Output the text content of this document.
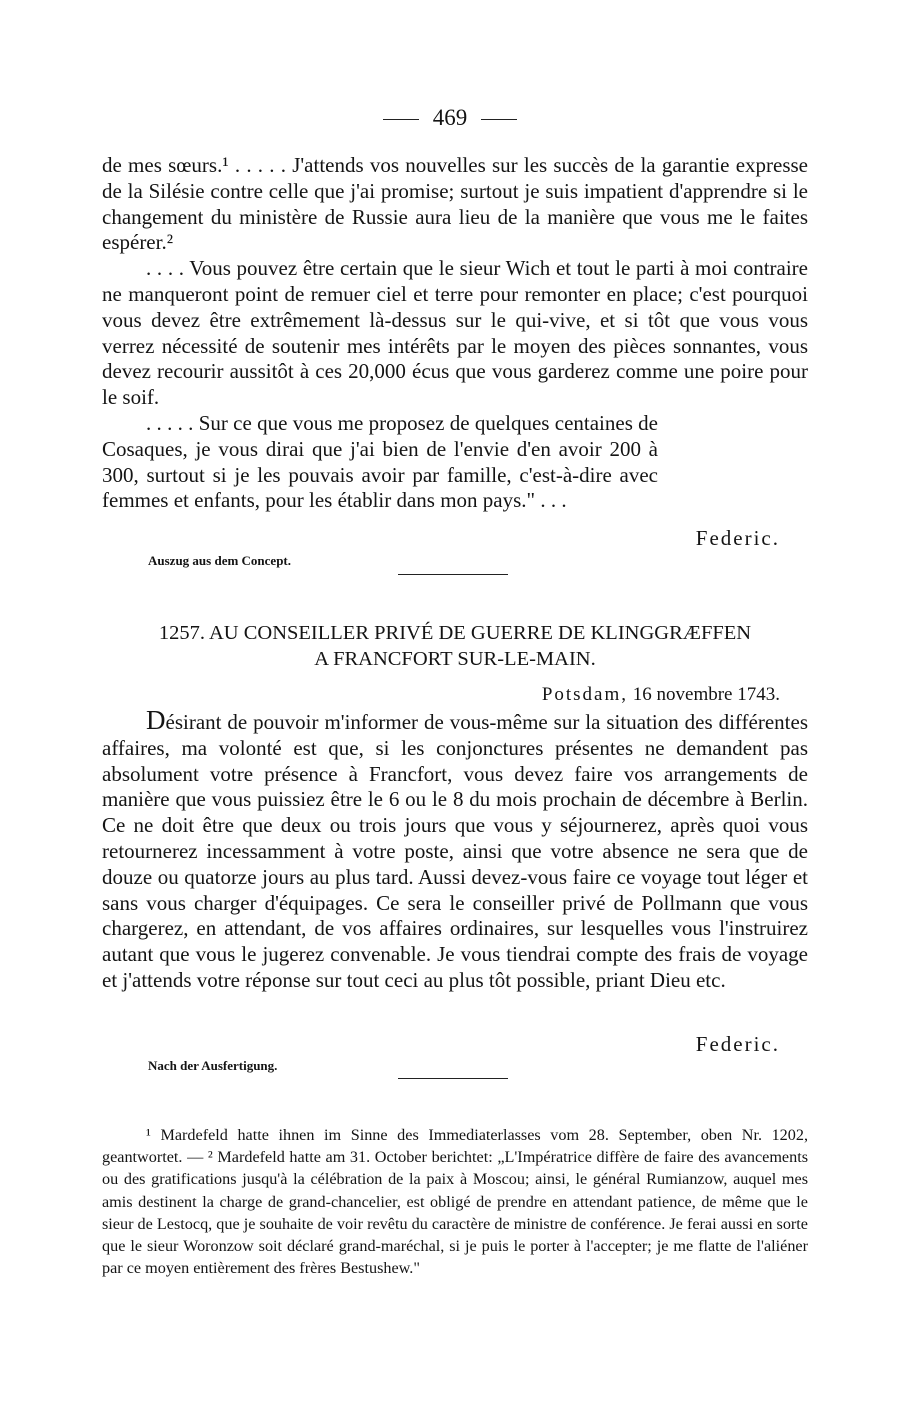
469

de mes sœurs.¹ . . . . . J'attends vos nouvelles sur les succès de la garantie expresse de la Silésie contre celle que j'ai promise; surtout je suis impatient d'apprendre si le changement du ministère de Russie aura lieu de la manière que vous me le faites espérer.²

. . . . Vous pouvez être certain que le sieur Wich et tout le parti à moi contraire ne manqueront point de remuer ciel et terre pour remonter en place; c'est pourquoi vous devez être extrêmement là-dessus sur le qui-vive, et si tôt que vous vous verrez nécessité de soutenir mes intérêts par le moyen des pièces sonnantes, vous devez recourir aussitôt à ces 20,000 écus que vous garderez comme une poire pour le soif.

. . . . . Sur ce que vous me proposez de quelques centaines de Cosaques, je vous dirai que j'ai bien de l'envie d'en avoir 200 à 300, surtout si je les pouvais avoir par famille, c'est-à-dire avec femmes et enfants, pour les établir dans mon pays." . . .

Federic.
Auszug aus dem Concept.
1257. AU CONSEILLER PRIVÉ DE GUERRE DE KLINGGRÆFFEN
A FRANCFORT SUR-LE-MAIN.
Potsdam, 16 novembre 1743.

Désirant de pouvoir m'informer de vous-même sur la situation des différentes affaires, ma volonté est que, si les conjonctures présentes ne demandent pas absolument votre présence à Francfort, vous devez faire vos arrangements de manière que vous puissiez être le 6 ou le 8 du mois prochain de décembre à Berlin. Ce ne doit être que deux ou trois jours que vous y séjournerez, après quoi vous retournerez incessamment à votre poste, ainsi que votre absence ne sera que de douze ou quatorze jours au plus tard. Aussi devez-vous faire ce voyage tout léger et sans vous charger d'équipages. Ce sera le conseiller privé de Pollmann que vous chargerez, en attendant, de vos affaires ordinaires, sur lesquelles vous l'instruirez autant que vous le jugerez convenable. Je vous tiendrai compte des frais de voyage et j'attends votre réponse sur tout ceci au plus tôt possible, priant Dieu etc.

Federic.
Nach der Ausfertigung.

¹ Mardefeld hatte ihnen im Sinne des Immediaterlasses vom 28. September, oben Nr. 1202, geantwortet. — ² Mardefeld hatte am 31. October berichtet: „L'Impératrice diffère de faire des avancements ou des gratifications jusqu'à la célébration de la paix à Moscou; ainsi, le général Rumianzow, auquel mes amis destinent la charge de grand-chancelier, est obligé de prendre en attendant patience, de même que le sieur de Lestocq, que je souhaite de voir revêtu du caractère de ministre de conférence. Je ferai aussi en sorte que le sieur Woronzow soit déclaré grand-maréchal, si je puis le porter à l'accepter; je me flatte de l'aliéner par ce moyen entièrement des frères Bestushew."
